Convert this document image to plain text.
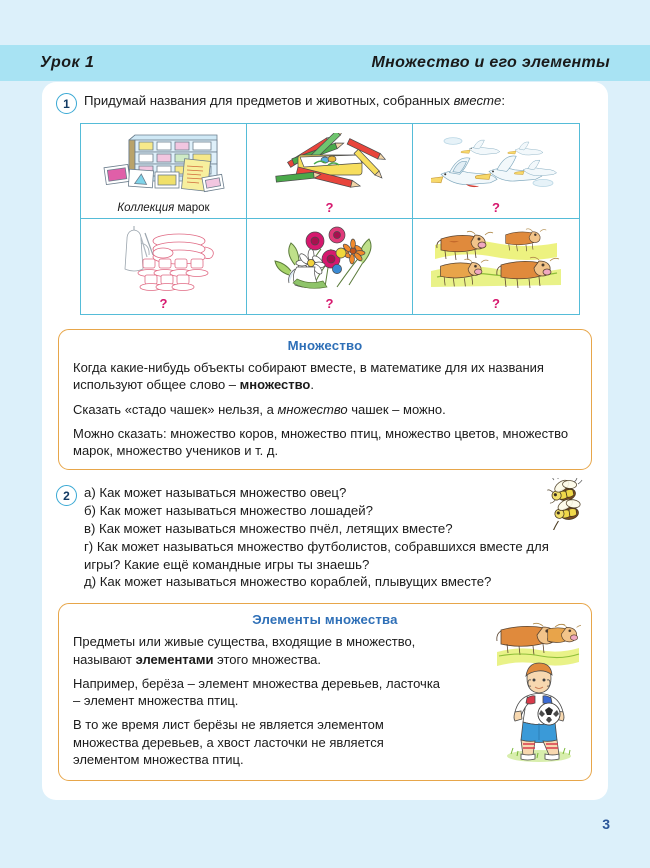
Урок 1	Множество и его элементы
1	Придумай названия для предметов и животных, собранных вместе:
Коллекция марок	?	?
?	?	?
Множество

Когда какие-нибудь объекты собирают вместе, в математике для их названия используют общее слово – множество.

Сказать «стадо чашек» нельзя, а множество чашек – можно.

Можно сказать: множество коров, множество птиц, множество цветов, множество марок, множество учеников и т. д.

2	а) Как может называться множество овец?
б) Как может называться множество лошадей?
в) Как может называться множество пчёл, летящих вместе?
г) Как может называться множество футболистов, собравшихся вместе для игры? Какие ещё командные игры ты знаешь?
д) Как может называться множество кораблей, плывущих вместе?
Элементы множества

Предметы или живые существа, входящие в множество, называют элементами этого множества.

Например, берёза – элемент множества деревьев, ласточка – элемент множества птиц.

В то же время лист берёзы не является элементом множества деревьев, а хвост ласточки не является элементом множества птиц.

3
